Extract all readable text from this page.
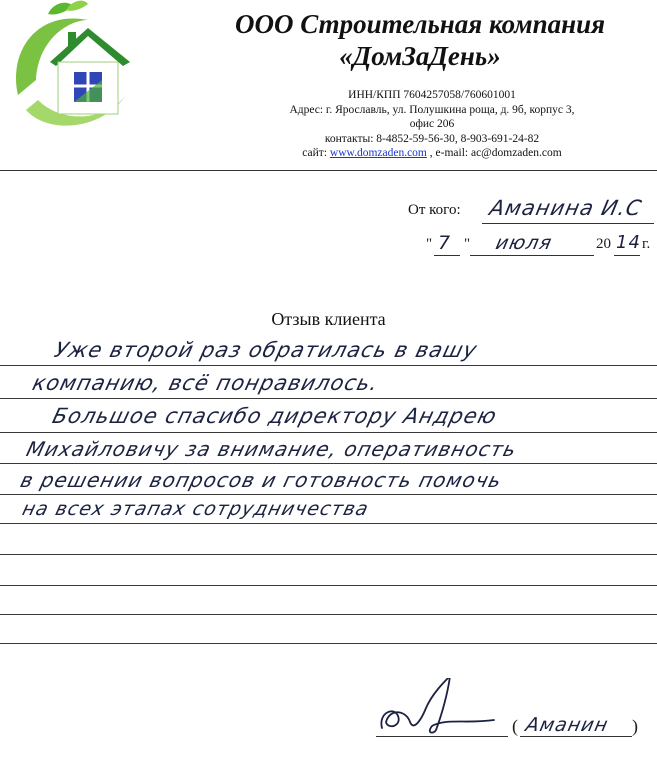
ООО Строительная компания
«ДомЗаДень»
ИНН/КПП 7604257058/760601001
Адрес: г. Ярославль, ул. Полушкина роща, д. 9б, корпус 3,
офис 206
контакты: 8-4852-59-56-30, 8-903-691-24-82
сайт: www.domzaden.com , e-mail: ac@domzaden.com
От кого: Аманина И.С
" 7 " июля	20 14 г.
Отзыв клиента
Уже второй раз обратилась в вашу
компанию, всё понравилось.
Большое спасибо директору Андрею
Михайловичу за внимание, оперативность
в решении вопросов и готовность помочь
на всех этапах сотрудничества
( Аманин )
